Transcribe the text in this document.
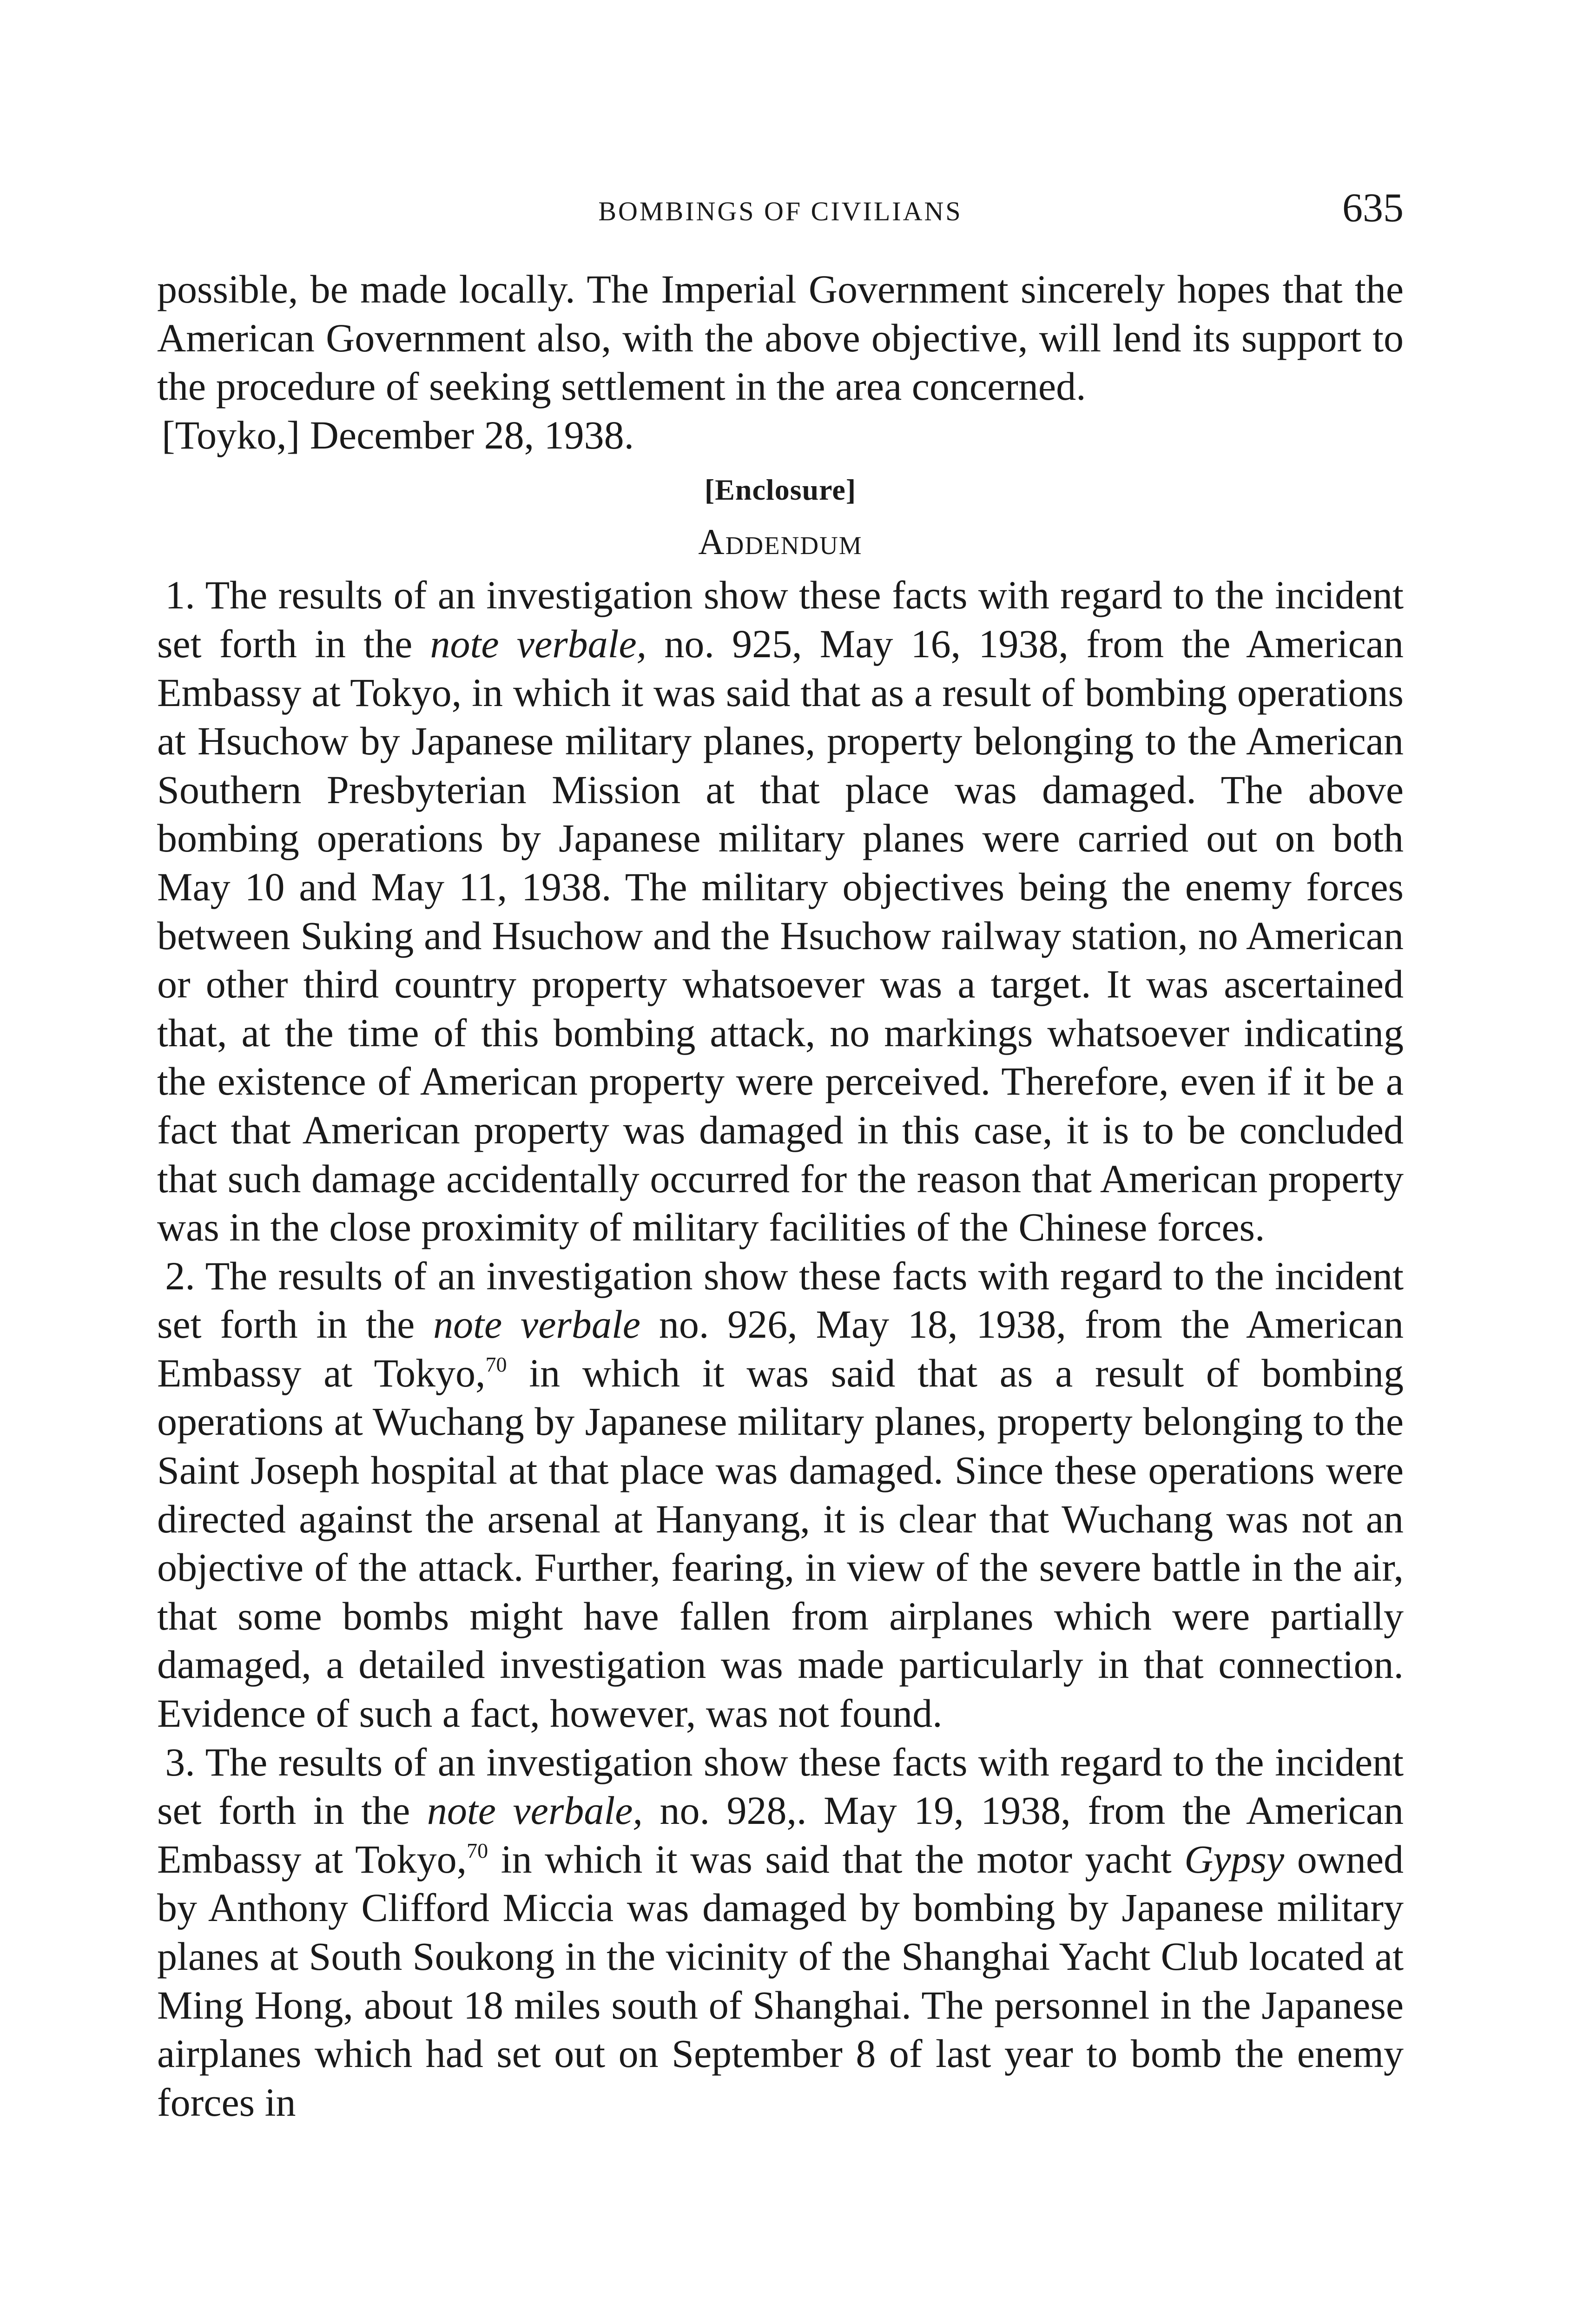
BOMBINGS OF CIVILIANS	635

possible, be made locally. The Imperial Government sincerely hopes that the American Government also, with the above objective, will lend its support to the procedure of seeking settlement in the area concerned.

[Toyko,] December 28, 1938.

[Enclosure]
Addendum

1. The results of an investigation show these facts with regard to the incident set forth in the note verbale, no. 925, May 16, 1938, from the American Embassy at Tokyo, in which it was said that as a result of bombing operations at Hsuchow by Japanese military planes, property belonging to the American Southern Presbyterian Mission at that place was damaged. The above bombing operations by Japanese military planes were carried out on both May 10 and May 11, 1938. The military objectives being the enemy forces between Suking and Hsuchow and the Hsuchow railway station, no American or other third country property whatsoever was a target. It was ascertained that, at the time of this bombing attack, no markings whatsoever indicating the existence of American property were perceived. Therefore, even if it be a fact that American property was damaged in this case, it is to be concluded that such damage accidentally occurred for the reason that American property was in the close proximity of military facilities of the Chinese forces.

2. The results of an investigation show these facts with regard to the incident set forth in the note verbale no. 926, May 18, 1938, from the American Embassy at Tokyo,$^{70}$ in which it was said that as a result of bombing operations at Wuchang by Japanese military planes, property belonging to the Saint Joseph hospital at that place was damaged. Since these operations were directed against the arsenal at Hanyang, it is clear that Wuchang was not an objective of the attack. Further, fearing, in view of the severe battle in the air, that some bombs might have fallen from airplanes which were partially damaged, a detailed investigation was made particularly in that connection. Evidence of such a fact, however, was not found.

3. The results of an investigation show these facts with regard to the incident set forth in the note verbale, no. 928,. May 19, 1938, from the American Embassy at Tokyo,$^{70}$ in which it was said that the motor yacht Gypsy owned by Anthony Clifford Miccia was damaged by bombing by Japanese military planes at South Soukong in the vicinity of the Shanghai Yacht Club located at Ming Hong, about 18 miles south of Shanghai. The personnel in the Japanese airplanes which had set out on September 8 of last year to bomb the enemy forces in
